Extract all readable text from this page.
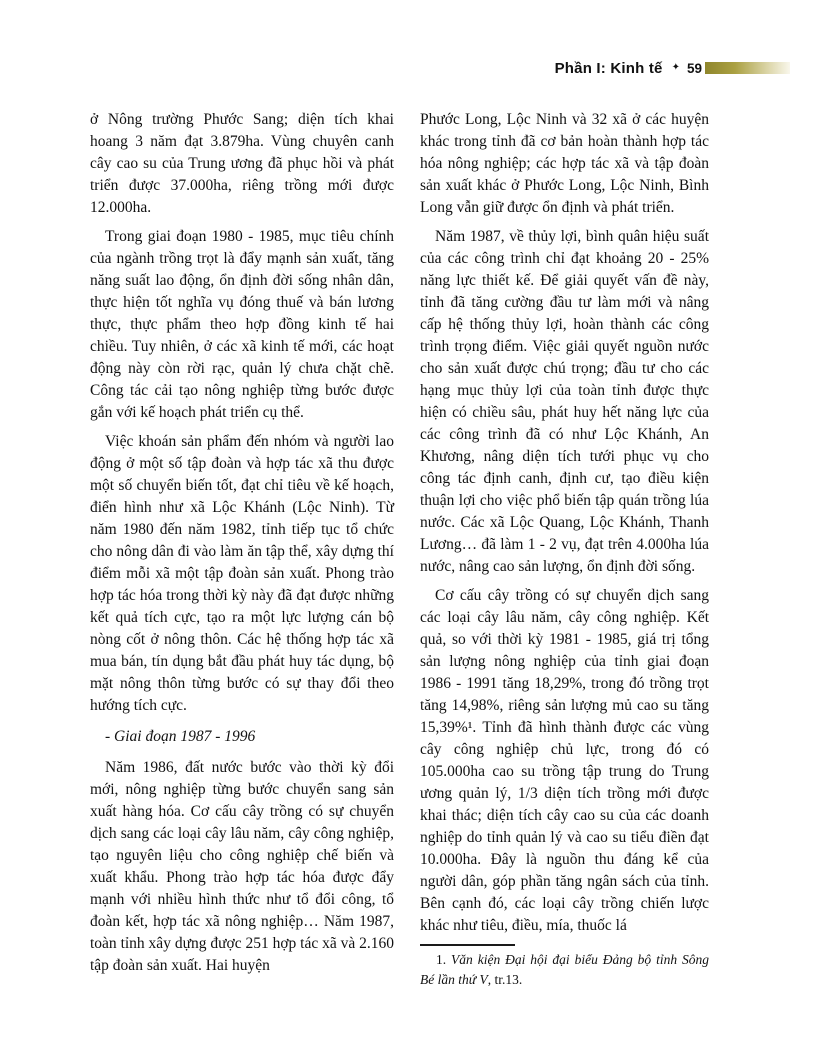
Phần I: Kinh tế ✦ 59

ở Nông trường Phước Sang; diện tích khai hoang 3 năm đạt 3.879ha. Vùng chuyên canh cây cao su của Trung ương đã phục hồi và phát triển được 37.000ha, riêng trồng mới được 12.000ha.

Trong giai đoạn 1980 - 1985, mục tiêu chính của ngành trồng trọt là đẩy mạnh sản xuất, tăng năng suất lao động, ổn định đời sống nhân dân, thực hiện tốt nghĩa vụ đóng thuế và bán lương thực, thực phẩm theo hợp đồng kinh tế hai chiều. Tuy nhiên, ở các xã kinh tế mới, các hoạt động này còn rời rạc, quản lý chưa chặt chẽ. Công tác cải tạo nông nghiệp từng bước được gắn với kế hoạch phát triển cụ thể.

Việc khoán sản phẩm đến nhóm và người lao động ở một số tập đoàn và hợp tác xã thu được một số chuyển biến tốt, đạt chỉ tiêu về kế hoạch, điển hình như xã Lộc Khánh (Lộc Ninh). Từ năm 1980 đến năm 1982, tỉnh tiếp tục tổ chức cho nông dân đi vào làm ăn tập thể, xây dựng thí điểm mỗi xã một tập đoàn sản xuất. Phong trào hợp tác hóa trong thời kỳ này đã đạt được những kết quả tích cực, tạo ra một lực lượng cán bộ nòng cốt ở nông thôn. Các hệ thống hợp tác xã mua bán, tín dụng bắt đầu phát huy tác dụng, bộ mặt nông thôn từng bước có sự thay đổi theo hướng tích cực.

- Giai đoạn 1987 - 1996

Năm 1986, đất nước bước vào thời kỳ đổi mới, nông nghiệp từng bước chuyển sang sản xuất hàng hóa. Cơ cấu cây trồng có sự chuyển dịch sang các loại cây lâu năm, cây công nghiệp, tạo nguyên liệu cho công nghiệp chế biến và xuất khẩu. Phong trào hợp tác hóa được đẩy mạnh với nhiều hình thức như tổ đổi công, tổ đoàn kết, hợp tác xã nông nghiệp… Năm 1987, toàn tỉnh xây dựng được 251 hợp tác xã và 2.160 tập đoàn sản xuất. Hai huyện

Phước Long, Lộc Ninh và 32 xã ở các huyện khác trong tỉnh đã cơ bản hoàn thành hợp tác hóa nông nghiệp; các hợp tác xã và tập đoàn sản xuất khác ở Phước Long, Lộc Ninh, Bình Long vẫn giữ được ổn định và phát triển.

Năm 1987, về thủy lợi, bình quân hiệu suất của các công trình chỉ đạt khoảng 20 - 25% năng lực thiết kế. Để giải quyết vấn đề này, tỉnh đã tăng cường đầu tư làm mới và nâng cấp hệ thống thủy lợi, hoàn thành các công trình trọng điểm. Việc giải quyết nguồn nước cho sản xuất được chú trọng; đầu tư cho các hạng mục thủy lợi của toàn tỉnh được thực hiện có chiều sâu, phát huy hết năng lực của các công trình đã có như Lộc Khánh, An Khương, nâng diện tích tưới phục vụ cho công tác định canh, định cư, tạo điều kiện thuận lợi cho việc phổ biến tập quán trồng lúa nước. Các xã Lộc Quang, Lộc Khánh, Thanh Lương… đã làm 1 - 2 vụ, đạt trên 4.000ha lúa nước, nâng cao sản lượng, ổn định đời sống.

Cơ cấu cây trồng có sự chuyển dịch sang các loại cây lâu năm, cây công nghiệp. Kết quả, so với thời kỳ 1981 - 1985, giá trị tổng sản lượng nông nghiệp của tỉnh giai đoạn 1986 - 1991 tăng 18,29%, trong đó trồng trọt tăng 14,98%, riêng sản lượng mủ cao su tăng 15,39%¹. Tỉnh đã hình thành được các vùng cây công nghiệp chủ lực, trong đó có 105.000ha cao su trồng tập trung do Trung ương quản lý, 1/3 diện tích trồng mới được khai thác; diện tích cây cao su của các doanh nghiệp do tỉnh quản lý và cao su tiểu điền đạt 10.000ha. Đây là nguồn thu đáng kể của người dân, góp phần tăng ngân sách của tỉnh. Bên cạnh đó, các loại cây trồng chiến lược khác như tiêu, điều, mía, thuốc lá

1. Văn kiện Đại hội đại biểu Đảng bộ tỉnh Sông Bé lần thứ V, tr.13.
